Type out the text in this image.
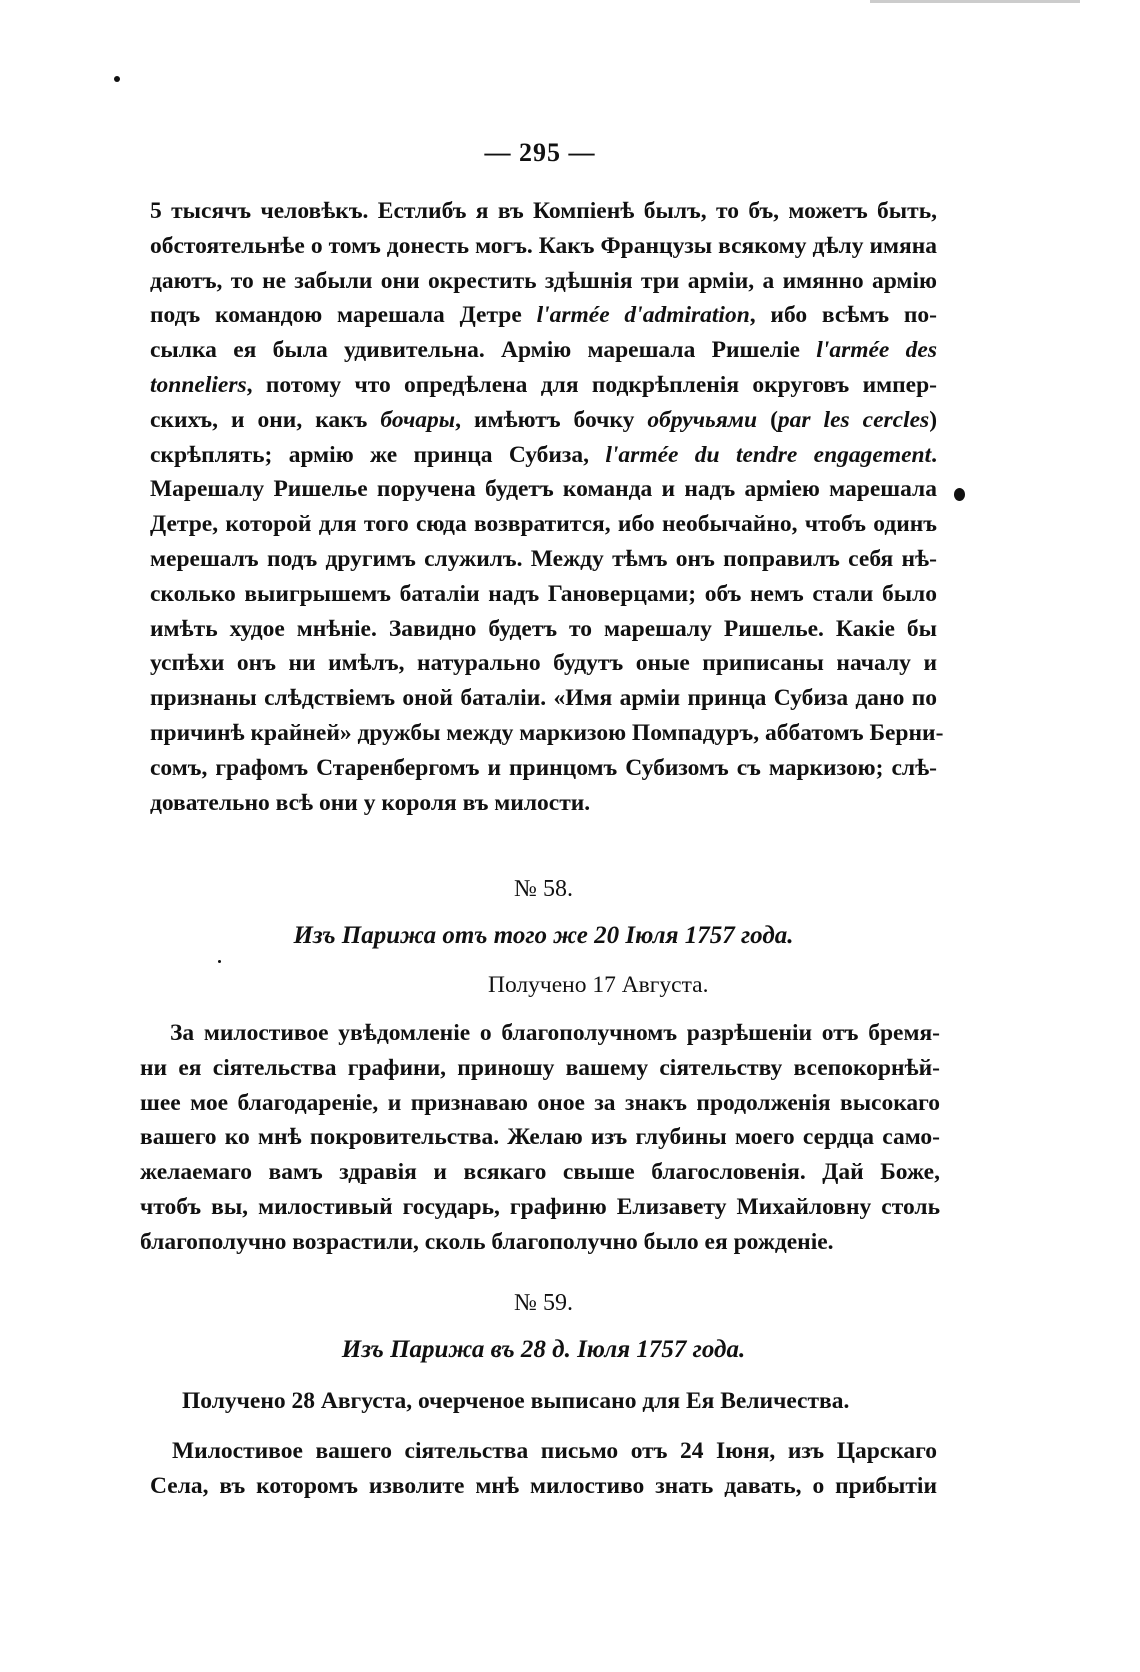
— 295 —
5 тысячъ человѣкъ. Естлибъ я въ Компіенѣ былъ, то бъ, можетъ быть,
обстоятельнѣе о томъ донесть могъ. Какъ Французы всякому дѣлу имяна
даютъ, то не забыли они окрестить здѣшнія три арміи, а имянно армію
подъ командою марешала Детре l'armée d'admiration, ибо всѣмъ по-
сылка ея была удивительна. Армію марешала Ришеліе l'armée des
tonneliers, потому что опредѣлена для подкрѣпленія округовъ импер-
скихъ, и они, какъ бочары, имѣютъ бочку обручьями (par les cercles)
скрѣплять; армію же принца Субиза, l'armée du tendre engagement.
Марешалу Ришелье поручена будетъ команда и надъ арміею марешала
Детре, которой для того сюда возвратится, ибо необычайно, чтобъ одинъ
мерешалъ подъ другимъ служилъ. Между тѣмъ онъ поправилъ себя нѣ-
сколько выигрышемъ баталіи надъ Гановерцами; объ немъ стали было
имѣть худое мнѣніе. Завидно будетъ то марешалу Ришелье. Какіе бы
успѣхи онъ ни имѣлъ, натурально будутъ оные приписаны началу и
признаны слѣдствіемъ оной баталіи. «Имя арміи принца Субиза дано по
причинѣ крайней» дружбы между маркизою Помпадуръ, аббатомъ Берни-
сомъ, графомъ Старенбергомъ и принцомъ Субизомъ съ маркизою; слѣ-
довательно всѣ они у короля въ милости.
№ 58.
Изъ Парижа отъ того же 20 Іюля 1757 года.
Получено 17 Августа.
За милостивое увѣдомленіе о благополучномъ разрѣшеніи отъ бремя-
ни ея сіятельства графини, приношу вашему сіятельству всепокорнѣй-
шее мое благодареніе, и признаваю оное за знакъ продолженія высокаго
вашего ко мнѣ покровительства. Желаю изъ глубины моего сердца само-
желаемаго вамъ здравія и всякаго свыше благословенія. Дай Боже,
чтобъ вы, милостивый государь, графиню Елизавету Михайловну столь
благополучно возрастили, сколь благополучно было ея рожденіе.
№ 59.
Изъ Парижа въ 28 д. Іюля 1757 года.
Получено 28 Августа, очерченое выписано для Ея Величества.
Милостивое вашего сіятельства письмо отъ 24 Іюня, изъ Царскаго
Села, въ которомъ изволите мнѣ милостиво знать давать, о прибытіи
